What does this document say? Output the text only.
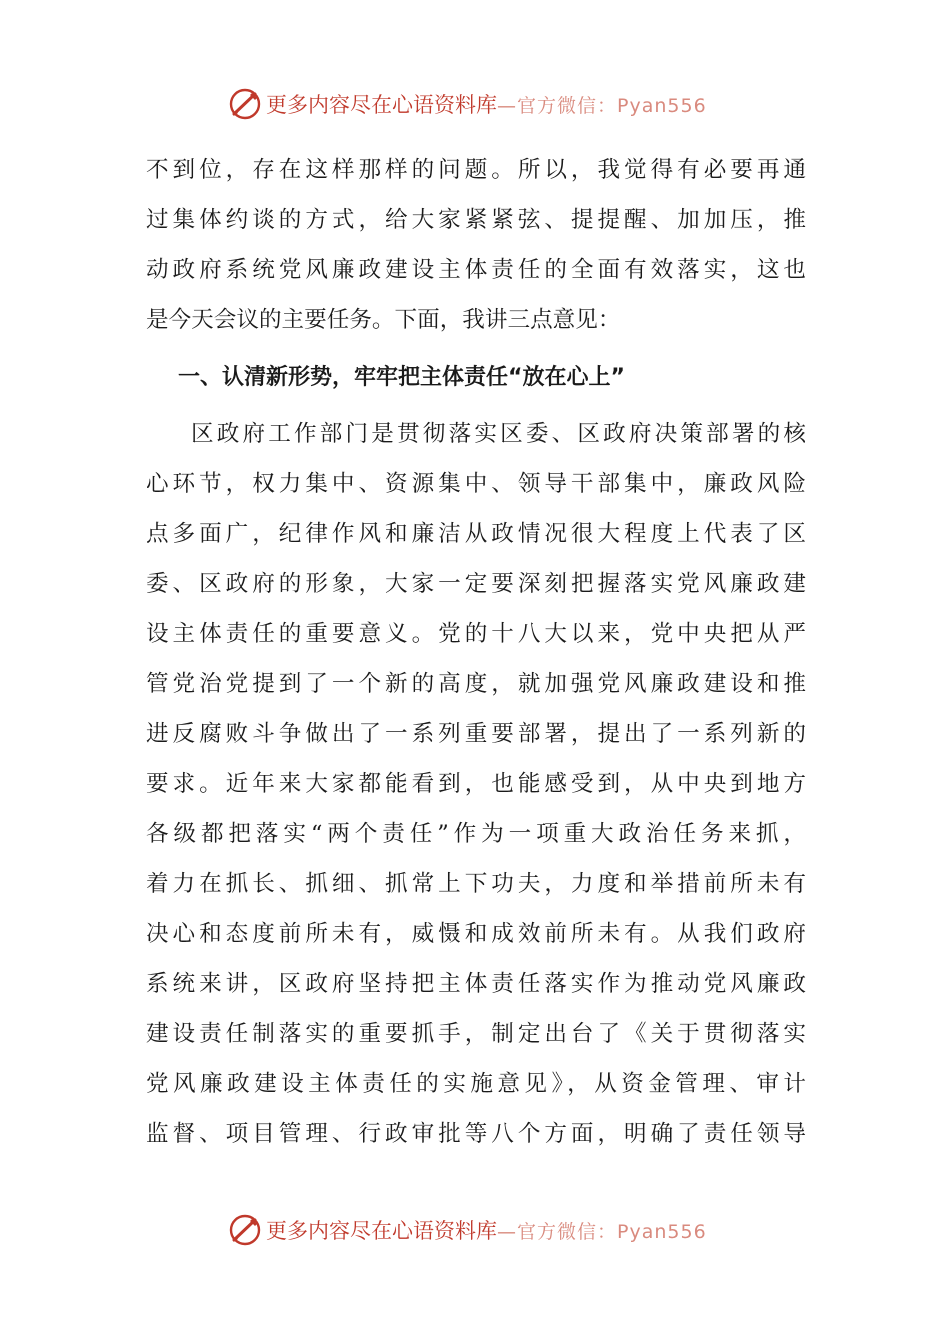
更多内容尽在心语资料库 —官方微信：Pyan556
不到位，存在这样那样的问题。所以，我觉得有必要再通
过集体约谈的方式，给大家紧紧弦、提提醒、加加压，推
动政府系统党风廉政建设主体责任的全面有效落实，这也
是今天会议的主要任务。下面，我讲三点意见：
一、认清新形势，牢牢把主体责任“放在心上”
区政府工作部门是贯彻落实区委、区政府决策部署的核
心环节，权力集中、资源集中、领导干部集中，廉政风险
点多面广，纪律作风和廉洁从政情况很大程度上代表了区
委、区政府的形象，大家一定要深刻把握落实党风廉政建
设主体责任的重要意义。党的十八大以来，党中央把从严
管党治党提到了一个新的高度，就加强党风廉政建设和推
进反腐败斗争做出了一系列重要部署，提出了一系列新的
要求。近年来大家都能看到，也能感受到，从中央到地方
各级都把落实“两个责任”作为一项重大政治任务来抓，
着力在抓长、抓细、抓常上下功夫，力度和举措前所未有
决心和态度前所未有，威慑和成效前所未有。从我们政府
系统来讲，区政府坚持把主体责任落实作为推动党风廉政
建设责任制落实的重要抓手，制定出台了《关于贯彻落实
党风廉政建设主体责任的实施意见》，从资金管理、审计
监督、项目管理、行政审批等八个方面，明确了责任领导
更多内容尽在心语资料库 —官方微信：Pyan556
